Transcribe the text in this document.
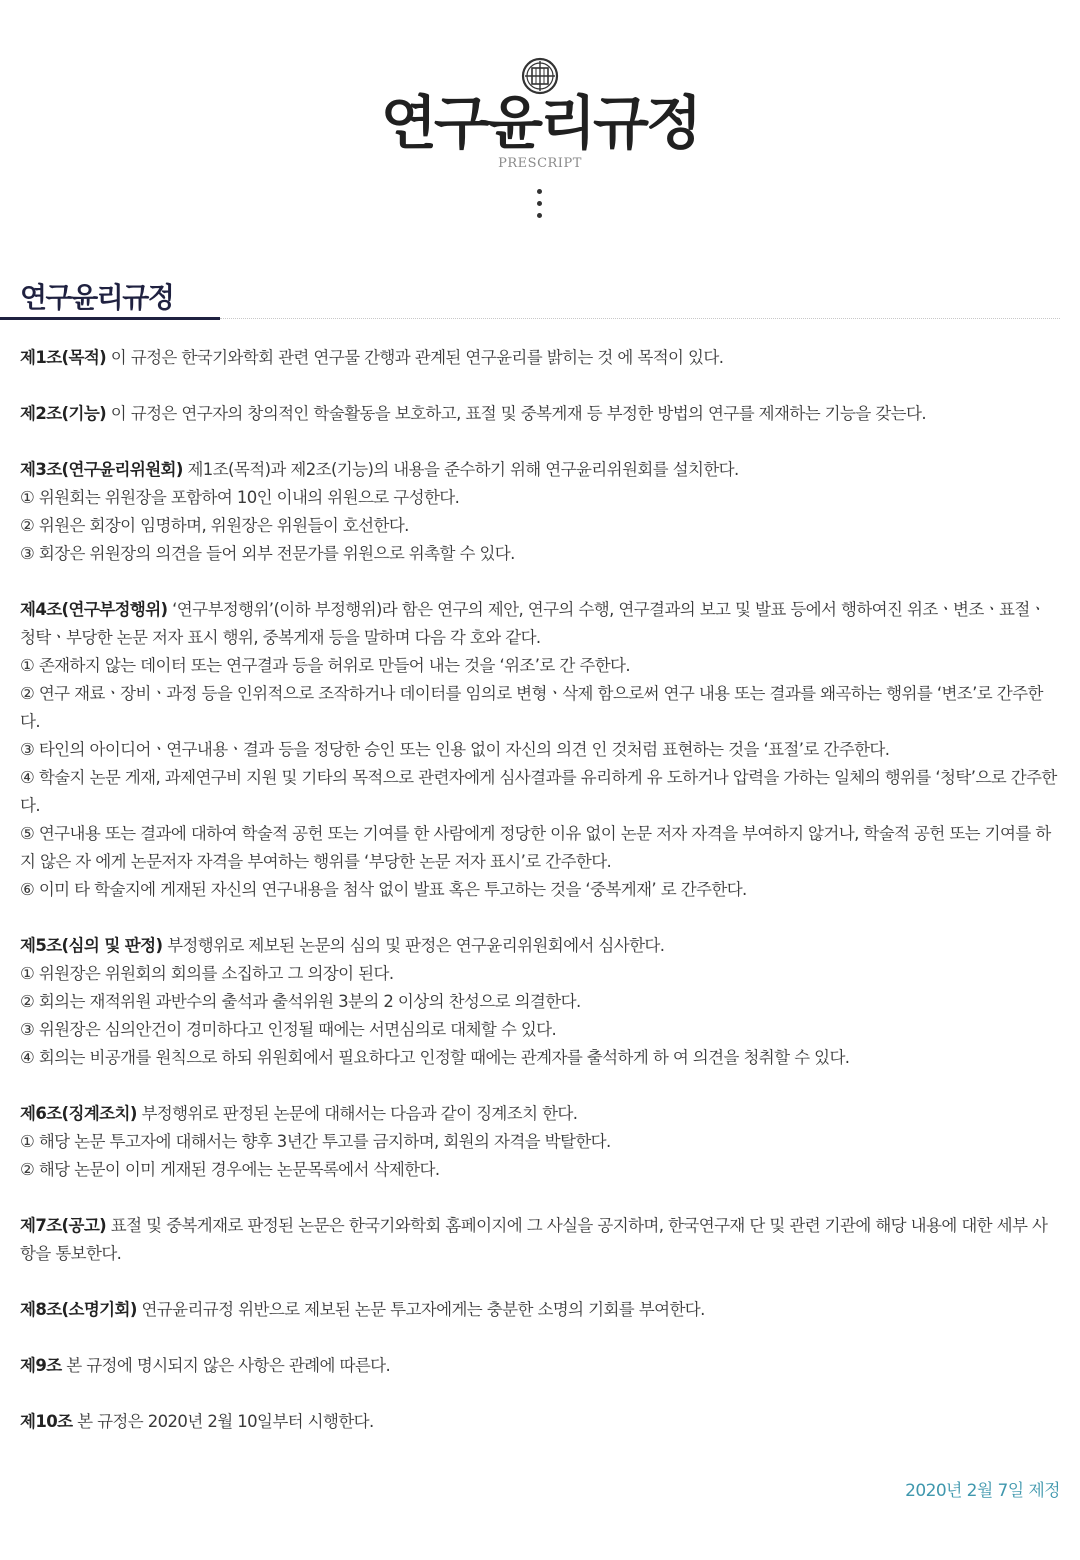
연구윤리규정
PRESCRIPT
연구윤리규정

제1조(목적) 이 규정은 한국기와학회 관련 연구물 간행과 관계된 연구윤리를 밝히는 것 에 목적이 있다.

제2조(기능) 이 규정은 연구자의 창의적인 학술활동을 보호하고, 표절 및 중복게재 등 부정한 방법의 연구를 제재하는 기능을 갖는다.

제3조(연구윤리위원회) 제1조(목적)과 제2조(기능)의 내용을 준수하기 위해 연구윤리위원회를 설치한다.

① 위원회는 위원장을 포함하여 10인 이내의 위원으로 구성한다.

② 위원은 회장이 임명하며, 위원장은 위원들이 호선한다.

③ 회장은 위원장의 의견을 들어 외부 전문가를 위원으로 위촉할 수 있다.

제4조(연구부정행위) ‘연구부정행위’(이하 부정행위)라 함은 연구의 제안, 연구의 수행, 연구결과의 보고 및 발표 등에서 행하여진 위조ㆍ변조ㆍ표절ㆍ청탁ㆍ부당한 논문 저자 표시 행위, 중복게재 등을 말하며 다음 각 호와 같다.

① 존재하지 않는 데이터 또는 연구결과 등을 허위로 만들어 내는 것을 ‘위조’로 간 주한다.

② 연구 재료ㆍ장비ㆍ과정 등을 인위적으로 조작하거나 데이터를 임의로 변형ㆍ삭제 함으로써 연구 내용 또는 결과를 왜곡하는 행위를 ‘변조’로 간주한다.

③ 타인의 아이디어ㆍ연구내용ㆍ결과 등을 정당한 승인 또는 인용 없이 자신의 의견 인 것처럼 표현하는 것을 ‘표절’로 간주한다.

④ 학술지 논문 게재, 과제연구비 지원 및 기타의 목적으로 관련자에게 심사결과를 유리하게 유 도하거나 압력을 가하는 일체의 행위를 ‘청탁’으로 간주한다.

⑤ 연구내용 또는 결과에 대하여 학술적 공헌 또는 기여를 한 사람에게 정당한 이유 없이 논문 저자 자격을 부여하지 않거나, 학술적 공헌 또는 기여를 하지 않은 자 에게 논문저자 자격을 부여하는 행위를 ‘부당한 논문 저자 표시’로 간주한다.

⑥ 이미 타 학술지에 게재된 자신의 연구내용을 첨삭 없이 발표 혹은 투고하는 것을 ‘중복게재’ 로 간주한다.

제5조(심의 및 판정) 부정행위로 제보된 논문의 심의 및 판정은 연구윤리위원회에서 심사한다.

① 위원장은 위원회의 회의를 소집하고 그 의장이 된다.

② 회의는 재적위원 과반수의 출석과 출석위원 3분의 2 이상의 찬성으로 의결한다.

③ 위원장은 심의안건이 경미하다고 인정될 때에는 서면심의로 대체할 수 있다.

④ 회의는 비공개를 원칙으로 하되 위원회에서 필요하다고 인정할 때에는 관계자를 출석하게 하 여 의견을 청취할 수 있다.

제6조(징계조치) 부정행위로 판정된 논문에 대해서는 다음과 같이 징계조치 한다.

① 해당 논문 투고자에 대해서는 향후 3년간 투고를 금지하며, 회원의 자격을 박탈한다.

② 해당 논문이 이미 게재된 경우에는 논문목록에서 삭제한다.

제7조(공고) 표절 및 중복게재로 판정된 논문은 한국기와학회 홈페이지에 그 사실을 공지하며, 한국연구재 단 및 관련 기관에 해당 내용에 대한 세부 사항을 통보한다.

제8조(소명기회) 연규윤리규정 위반으로 제보된 논문 투고자에게는 충분한 소명의 기회를 부여한다.

제9조 본 규정에 명시되지 않은 사항은 관례에 따른다.

제10조 본 규정은 2020년 2월 10일부터 시행한다.

2020년 2월 7일 제정
